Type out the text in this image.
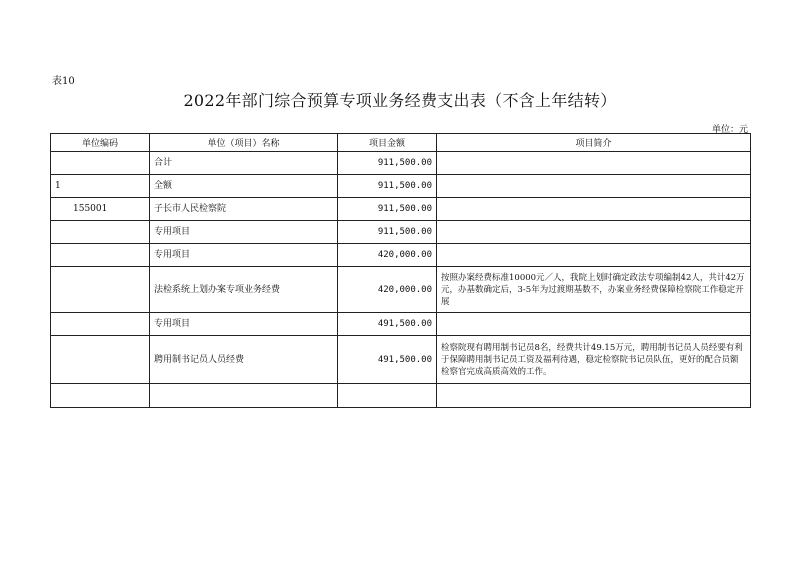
表10
2022年部门综合预算专项业务经费支出表（不含上年结转）
单位：元
单位编码	单位（项目）名称	项目金额	项目简介
	合计	911,500.00	
1	全额	911,500.00	
155001	子长市人民检察院	911,500.00	
	专用项目	911,500.00	
	专用项目	420,000.00	
	法检系统上划办案专项业务经费	420,000.00	按照办案经费标准10000元／人，我院上划时确定政法专项编制42人，共计42万元，办基数确定后，3-5年为过渡期基数不，办案业务经费保障检察院工作稳定开展
	专用项目	491,500.00	
	聘用制书记员人员经费	491,500.00	检察院现有聘用制书记员8名，经费共计49.15万元，聘用制书记员人员经要有利于保障聘用制书记员工资及福利待遇，稳定检察院书记员队伍，更好的配合员额检察官完成高质高效的工作。
